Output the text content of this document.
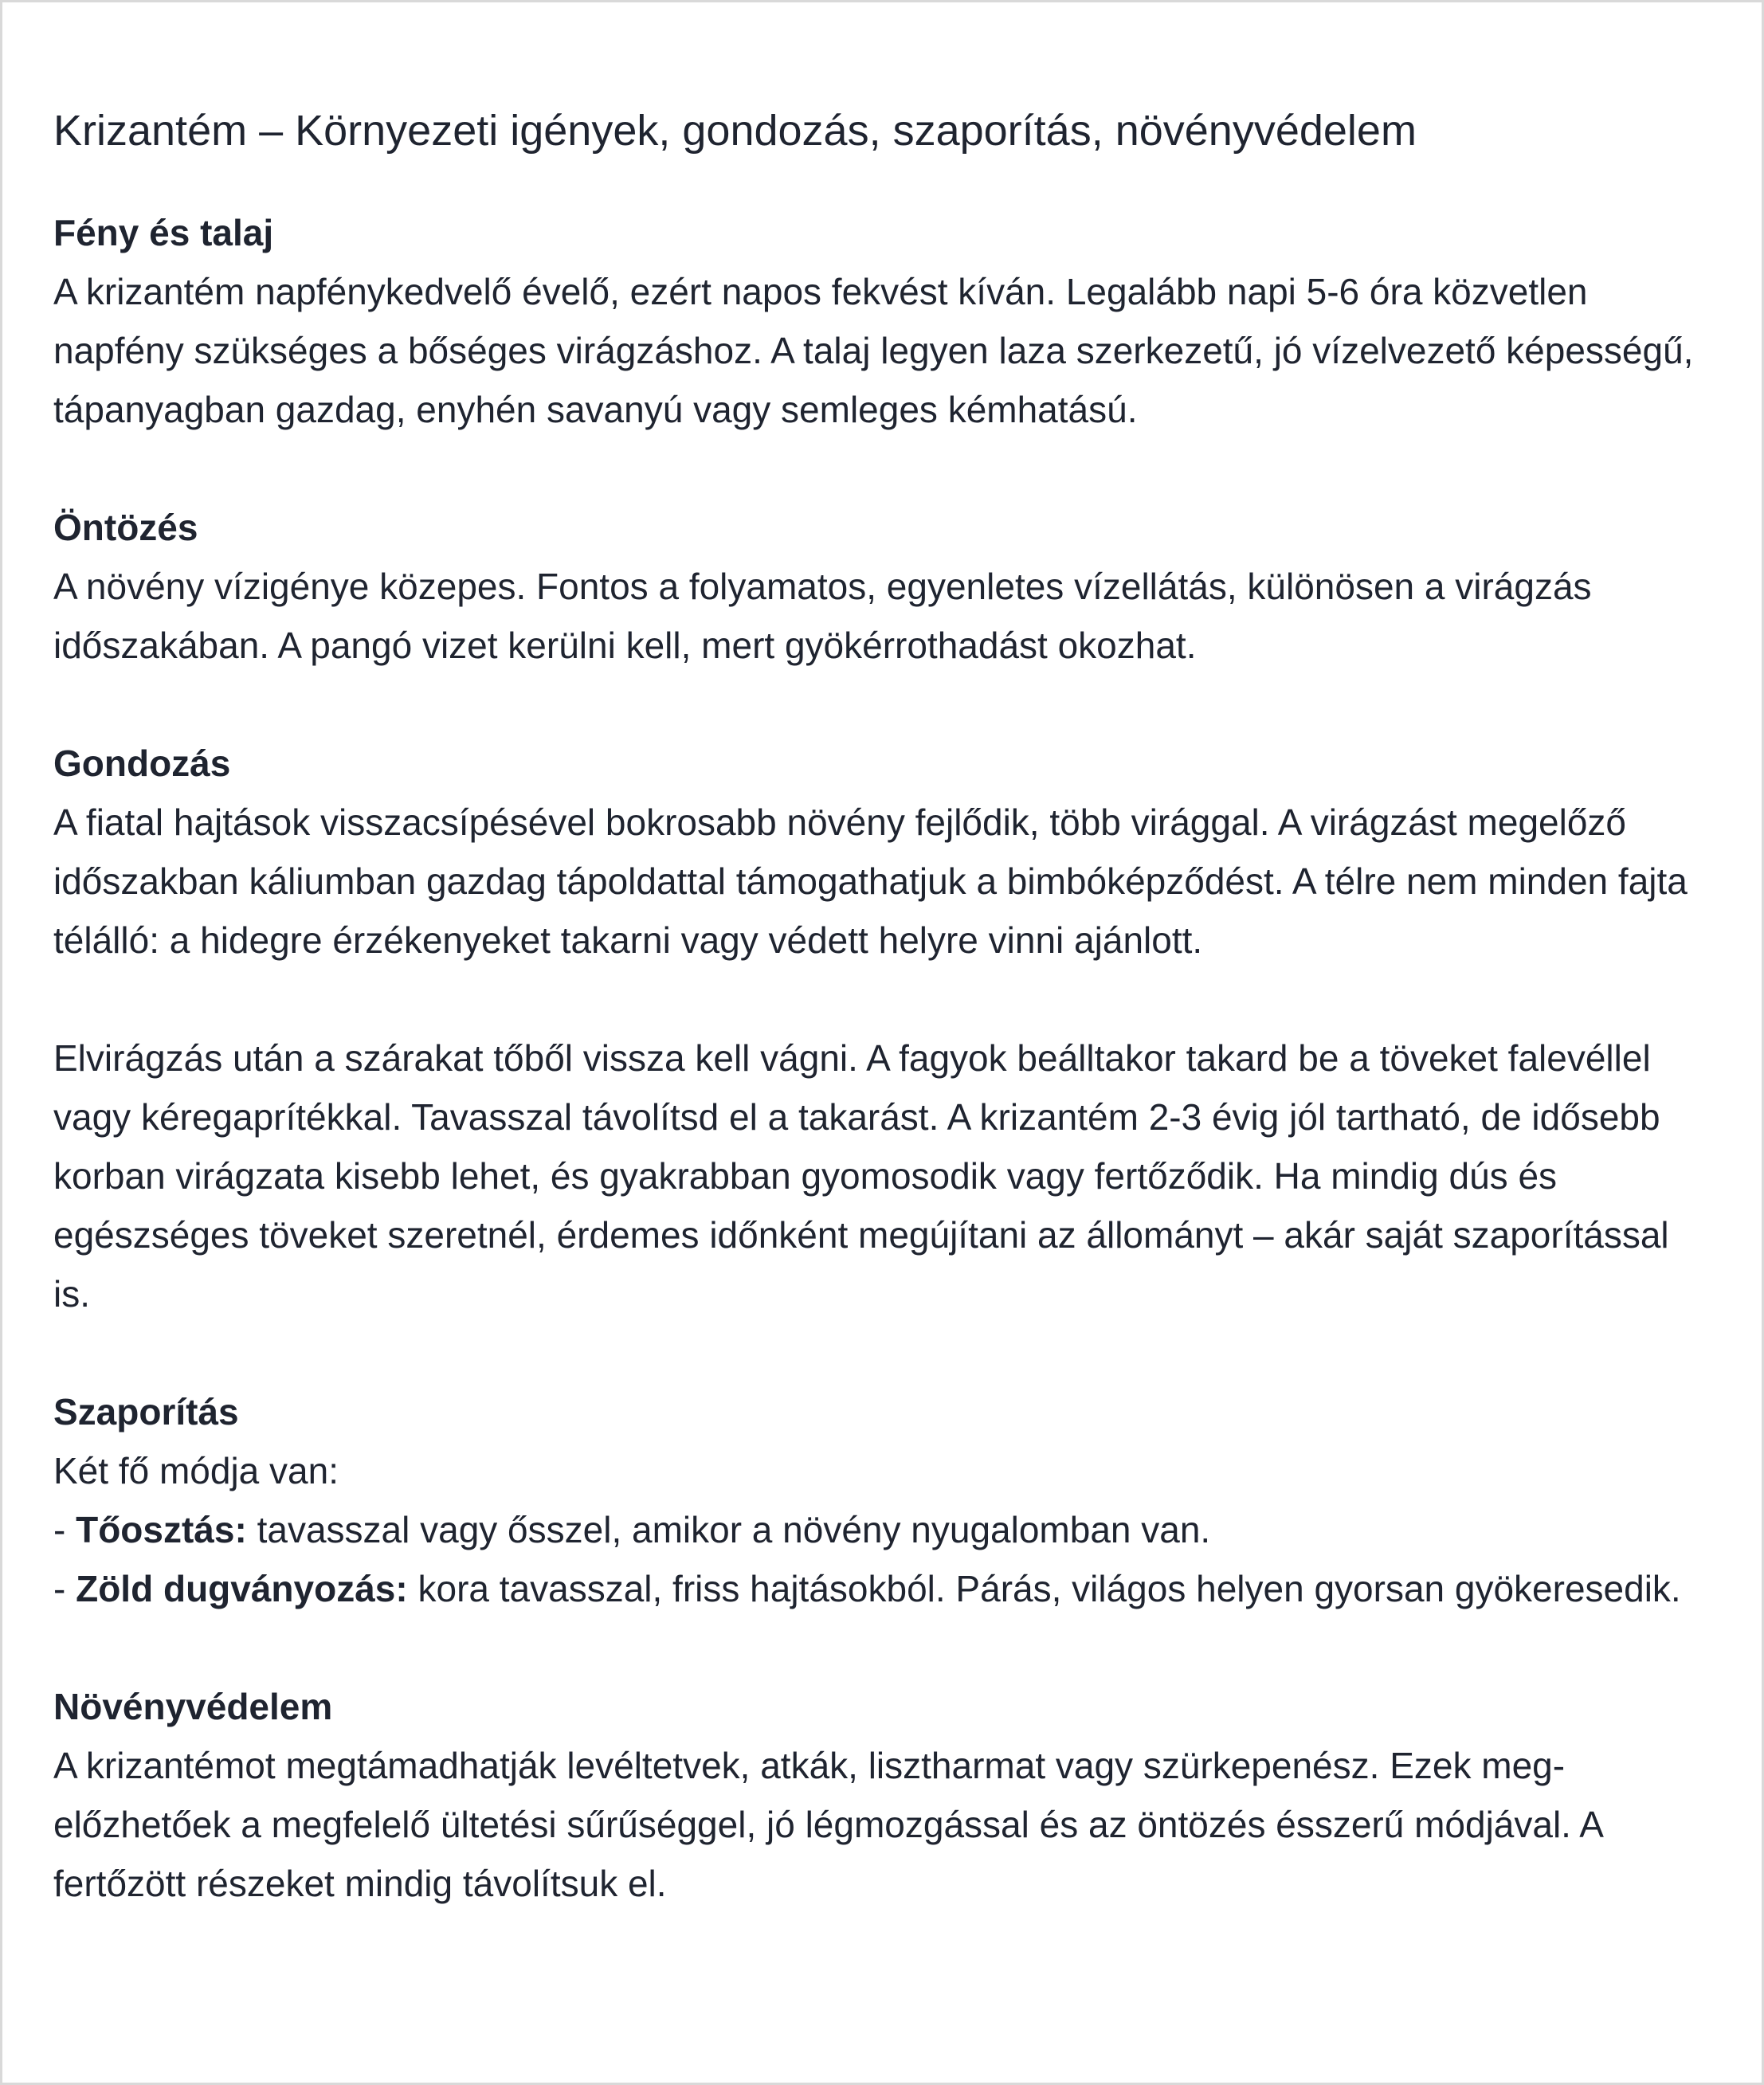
Krizantém – Környezeti igények, gondozás, szaporítás, növényvédelem
Fény és talaj

A krizantém napfénykedvelő évelő, ezért napos fekvést kíván. Legalább napi 5-6 óra közvetlen napfény szükséges a bőséges virágzáshoz. A talaj legyen laza szerkezetű, jó vízelvezető képességű, tápanyagban gazdag, enyhén savanyú vagy semleges kémhatású.

Öntözés

A növény vízigénye közepes. Fontos a folyamatos, egyenletes vízellátás, különösen a virágzás időszakában. A pangó vizet kerülni kell, mert gyökérrothadást okozhat.

Gondozás

A fiatal hajtások visszacsípésével bokrosabb növény fejlődik, több virággal. A virágzást megelőző időszakban káliumban gazdag tápoldattal támogathatjuk a bimbóképződést. A télre nem minden fajta télálló: a hidegre érzékenyeket takarni vagy védett helyre vinni ajánlott.

Elvirágzás után a szárakat tőből vissza kell vágni. A fagyok beálltakor takard be a töveket falevéllel vagy kéregaprítékkal. Tavasszal távolítsd el a takarást. A krizantém 2-3 évig jól tartható, de idősebb korban virágzata kisebb lehet, és gyakrabban gyomosodik vagy fertőződik. Ha mindig dús és egészséges töveket szeretnél, érdemes időnként megújítani az állományt – akár saját szaporítással is.

Szaporítás

Két fő módja van:

- Tőosztás: tavasszal vagy ősszel, amikor a növény nyugalomban van.

- Zöld dugványozás: kora tavasszal, friss hajtásokból. Párás, világos helyen gyorsan gyökeresedik.

Növényvédelem

A krizantémot megtámadhatják levéltetvek, atkák, lisztharmat vagy szürkepenész. Ezek megelőzhetőek a megfelelő ültetési sűrűséggel, jó légmozgással és az öntözés ésszerű módjával. A fertőzött részeket mindig távolítsuk el.
